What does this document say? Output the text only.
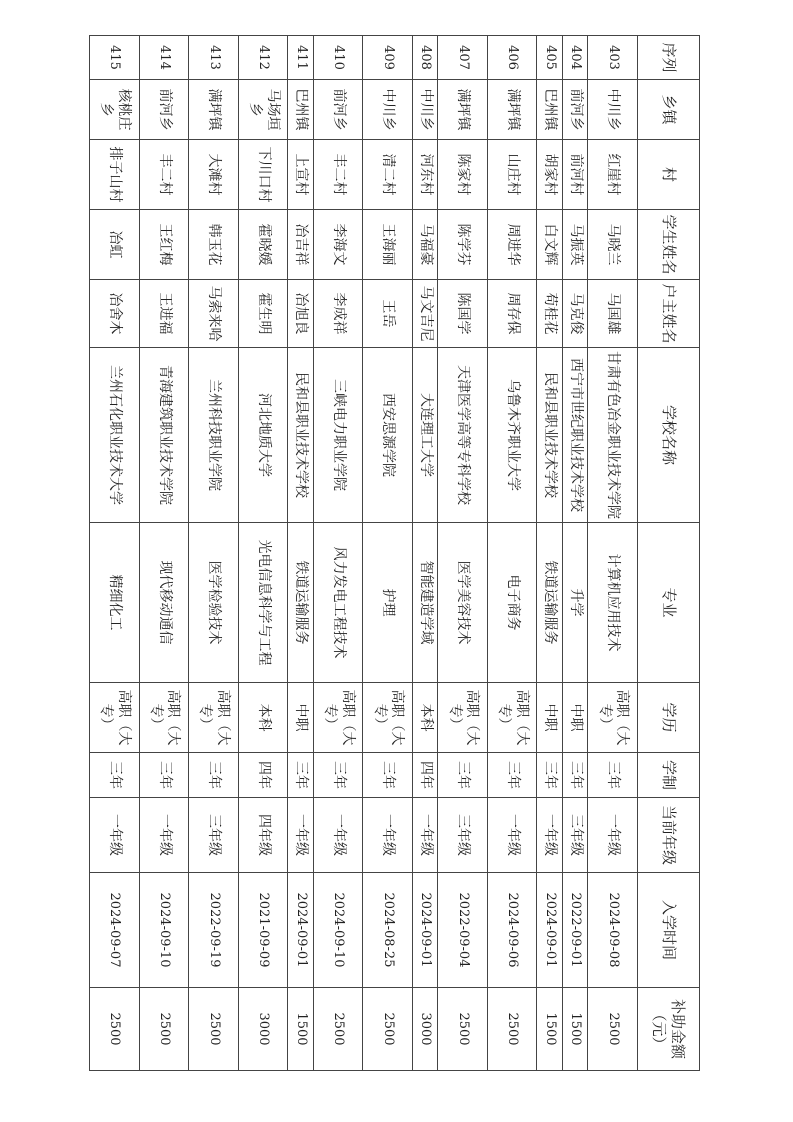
序列	乡镇	村	学生姓名	户主姓名	学校名称	专业	学历	学制	当前年级	入学时间	补助金额（元）
403	中川乡	红崖村	马晓兰	马国雄	甘肃有色冶金职业技术学院	计算机应用技术	高职（大专）	三年	一年级	2024-09-08	2500
404	前河乡	前河村	马振英	马克俊	西宁市世纪职业技术学校	升学	中职	三年	三年级	2022-09-01	1500
405	巴州镇	胡家村	白文辉	苟桂花	民和县职业技术学校	铁道运输服务	中职	三年	一年级	2024-09-01	1500
406	满坪镇	山庄村	周进华	周存保	乌鲁木齐职业大学	电子商务	高职（大专）	三年	一年级	2024-09-06	2500
407	满坪镇	陈家村	陈学芬	陈国学	天津医学高等专科学校	医学美容技术	高职（大专）	三年	三年级	2022-09-04	2500
408	中川乡	河东村	马福豪	马文吉尼	大连理工大学	智能建造学域	本科	四年	一年级	2024-09-01	3000
409	中川乡	清二村	王海丽	王岳	西安思源学院	护理	高职（大专）	三年	一年级	2024-08-25	2500
410	前河乡	丰二村	李海文	李成祥	三峡电力职业学院	风力发电工程技术	高职（大专）	三年	一年级	2024-09-10	2500
411	巴州镇	上宣村	冶吉祥	冶旭良	民和县职业技术学校	铁道运输服务	中职	三年	一年级	2024-09-01	1500
412	马场垣乡	下川口村	霍晓媛	霍生明	河北地质大学	光电信息科学与工程	本科	四年	四年级	2021-09-09	3000
413	满坪镇	大滩村	韩玉花	马索来哈	兰州科技职业学院	医学检验技术	高职（大专）	三年	三年级	2022-09-19	2500
414	前河乡	丰二村	王红梅	王进福	青海建筑职业技术学院	现代移动通信	高职（大专）	三年	一年级	2024-09-10	2500
415	核桃庄乡	排子山村	冶虹	冶舍木	兰州石化职业技术大学	精细化工	高职（大专）	三年	一年级	2024-09-07	2500
